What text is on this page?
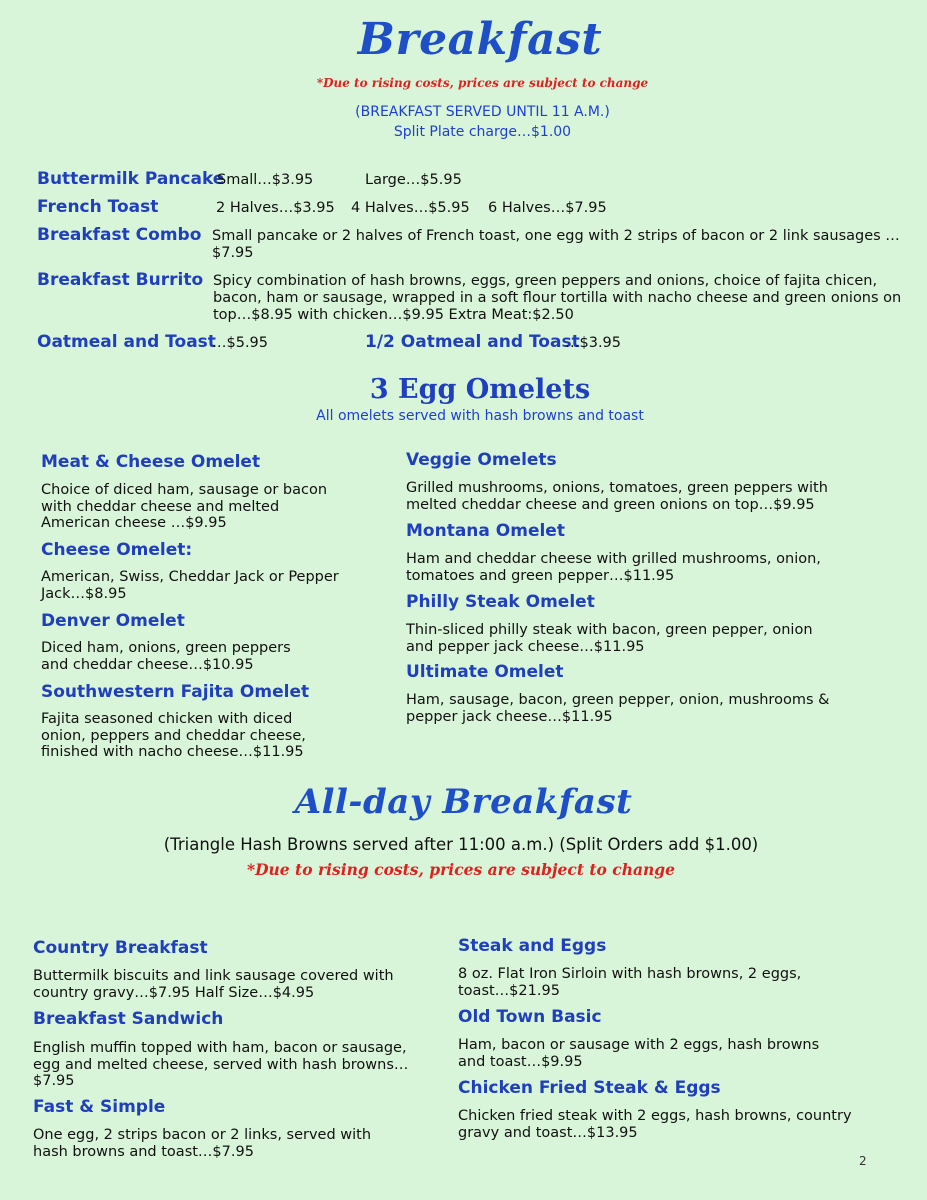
Breakfast
*Due to rising costs, prices are subject to change
(BREAKFAST SERVED UNTIL 11 A.M.)
Split Plate charge…$1.00
Buttermilk Pancake
Small…$3.95	Large…$5.95
French Toast	2 Halves…$3.95 4 Halves…$5.95 6 Halves…$7.95
Breakfast Combo Small pancake or 2 halves of French toast, one egg with 2 strips of bacon or 2 link sausages …$7.95
Breakfast Burrito Spicy combination of hash browns, eggs, green peppers and onions, choice of fajita chicen, bacon, ham or sausage, wrapped in a soft flour tortilla with nacho cheese and green onions on top…$8.95 with chicken…$9.95 Extra Meat:$2.50
Oatmeal and Toast
…$5.95	1/2 Oatmeal and Toast
…$3.95
3 Egg Omelets
All omelets served with hash browns and toast
Meat & Cheese Omelet
Choice of diced ham, sausage or bacon with cheddar cheese and melted American cheese …$9.95
Cheese Omelet:
American, Swiss, Cheddar Jack or Pepper Jack…$8.95
Denver Omelet
Diced ham, onions, green peppers and cheddar cheese…$10.95
Southwestern Fajita Omelet
Fajita seasoned chicken with diced onion, peppers and cheddar cheese, finished with nacho cheese…$11.95
Veggie Omelets
Grilled mushrooms, onions, tomatoes, green peppers with melted cheddar cheese and green onions on top…$9.95
Montana Omelet
Ham and cheddar cheese with grilled mushrooms, onion, tomatoes and green pepper…$11.95
Philly Steak Omelet
Thin-sliced philly steak with bacon, green pepper, onion and pepper jack cheese…$11.95
Ultimate Omelet
Ham, sausage, bacon, green pepper, onion, mushrooms & pepper jack cheese…$11.95
All-day Breakfast
(Triangle Hash Browns served after 11:00 a.m.) (Split Orders add $1.00)
*Due to rising costs, prices are subject to change
Country Breakfast
Buttermilk biscuits and link sausage covered with country gravy…$7.95 Half Size…$4.95
Breakfast Sandwich
English muffin topped with ham, bacon or sausage, egg and melted cheese, served with hash browns…$7.95
Fast & Simple
One egg, 2 strips bacon or 2 links, served with hash browns and toast…$7.95
Steak and Eggs
8 oz. Flat Iron Sirloin with hash browns, 2 eggs, toast…$21.95
Old Town Basic
Ham, bacon or sausage with 2 eggs, hash browns and toast…$9.95
Chicken Fried Steak & Eggs
Chicken fried steak with 2 eggs, hash browns, country gravy and toast…$13.95
2
